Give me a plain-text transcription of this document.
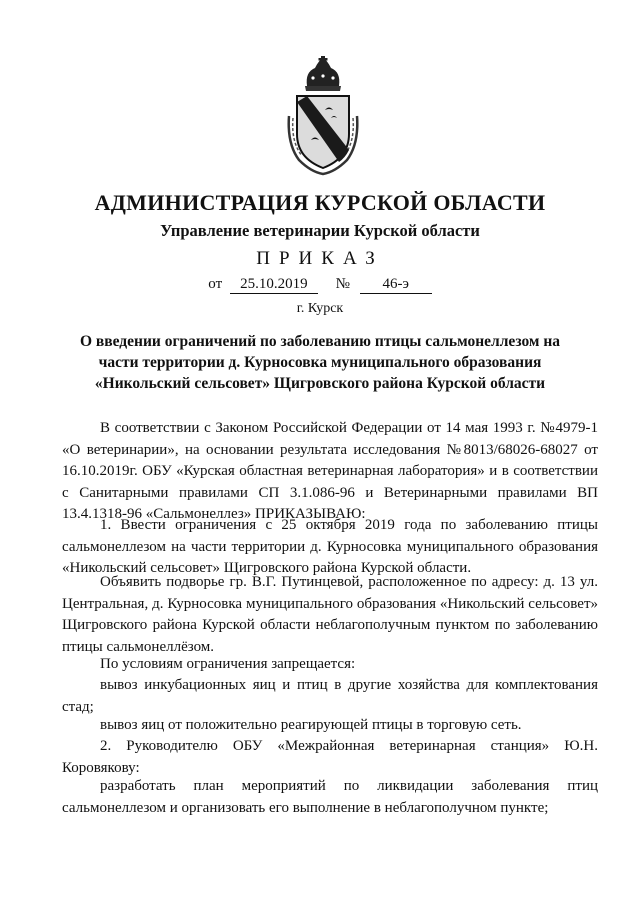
АДМИНИСТРАЦИЯ КУРСКОЙ ОБЛАСТИ
Управление ветеринарии Курской области
ПРИКАЗ
от 25.10.2019 № 46-э
г. Курск
О введении ограничений по заболеванию птицы сальмонеллезом на части территории д. Курносовка муниципального образования «Никольский сельсовет» Щигровского района Курской области
В соответствии с Законом Российской Федерации от 14 мая 1993 г. №4979-1 «О ветеринарии», на основании результата исследования №8013/68026-68027 от 16.10.2019г. ОБУ «Курская областная ветеринарная лаборатория» и в соответствии с Санитарными правилами СП 3.1.086-96 и Ветеринарными правилами ВП 13.4.1318-96 «Сальмонеллез» ПРИКАЗЫВАЮ:
1. Ввести ограничения с 25 октября 2019 года по заболеванию птицы сальмонеллезом на части территории д. Курносовка муниципального образования «Никольский сельсовет» Щигровского района Курской области.
Объявить подворье гр. В.Г. Путинцевой, расположенное по адресу: д. 13 ул. Центральная, д. Курносовка муниципального образования «Никольский сельсовет» Щигровского района Курской области неблагополучным пунктом по заболеванию птицы сальмонеллёзом.
По условиям ограничения запрещается:
вывоз инкубационных яиц и птиц в другие хозяйства для комплектования стад;
вывоз яиц от положительно реагирующей птицы в торговую сеть.
2. Руководителю ОБУ «Межрайонная ветеринарная станция» Ю.Н. Коровякову:
разработать план мероприятий по ликвидации заболевания птиц сальмонеллезом и организовать его выполнение в неблагополучном пункте;
